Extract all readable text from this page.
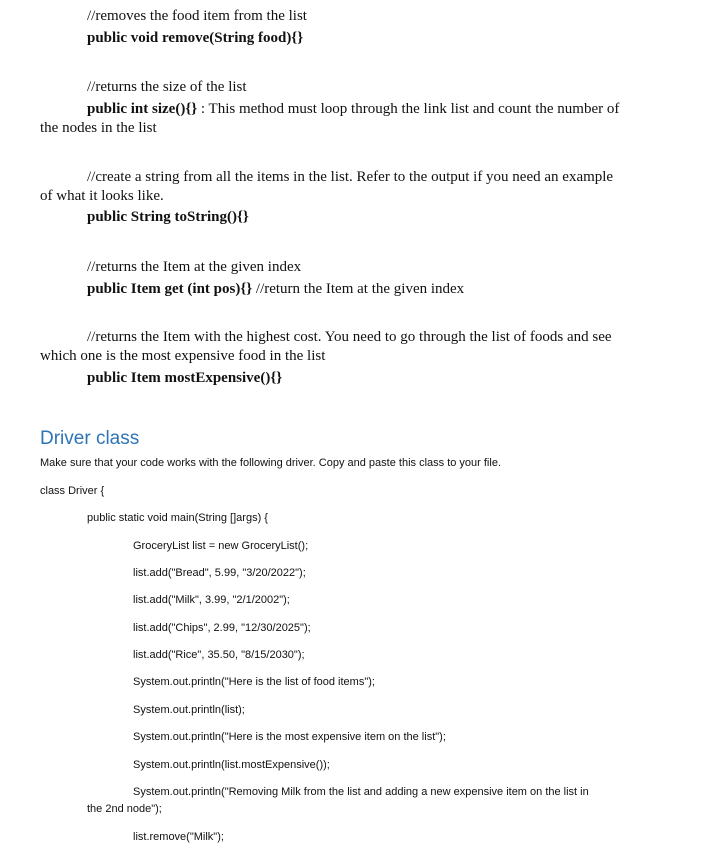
//removes the food item from the list
public void remove(String food){}
//returns the size of the list
public int size(){} : This method must loop through the link list and count the number of
the nodes in the list
//create a string from all the items in the list. Refer to the output if you need an example
of what it looks like.
public String toString(){}
//returns the Item at the given index
public Item get (int pos){} //return the Item at the given index
//returns the Item with the highest cost. You need to go through the list of foods and see
which one is the most expensive food in the list
public Item mostExpensive(){}
Driver class
Make sure that your code works with the following driver. Copy and paste this class to your file.
class Driver {
public static void main(String []args) {
GroceryList list = new GroceryList();
list.add("Bread", 5.99, "3/20/2022");
list.add("Milk", 3.99, "2/1/2002");
list.add("Chips", 2.99, "12/30/2025");
list.add("Rice", 35.50, "8/15/2030");
System.out.println("Here is the list of food items");
System.out.println(list);
System.out.println("Here is the most expensive item on the list");
System.out.println(list.mostExpensive());
System.out.println("Removing Milk from the list and adding a new expensive item on the list in
the 2nd node");
list.remove("Milk");
